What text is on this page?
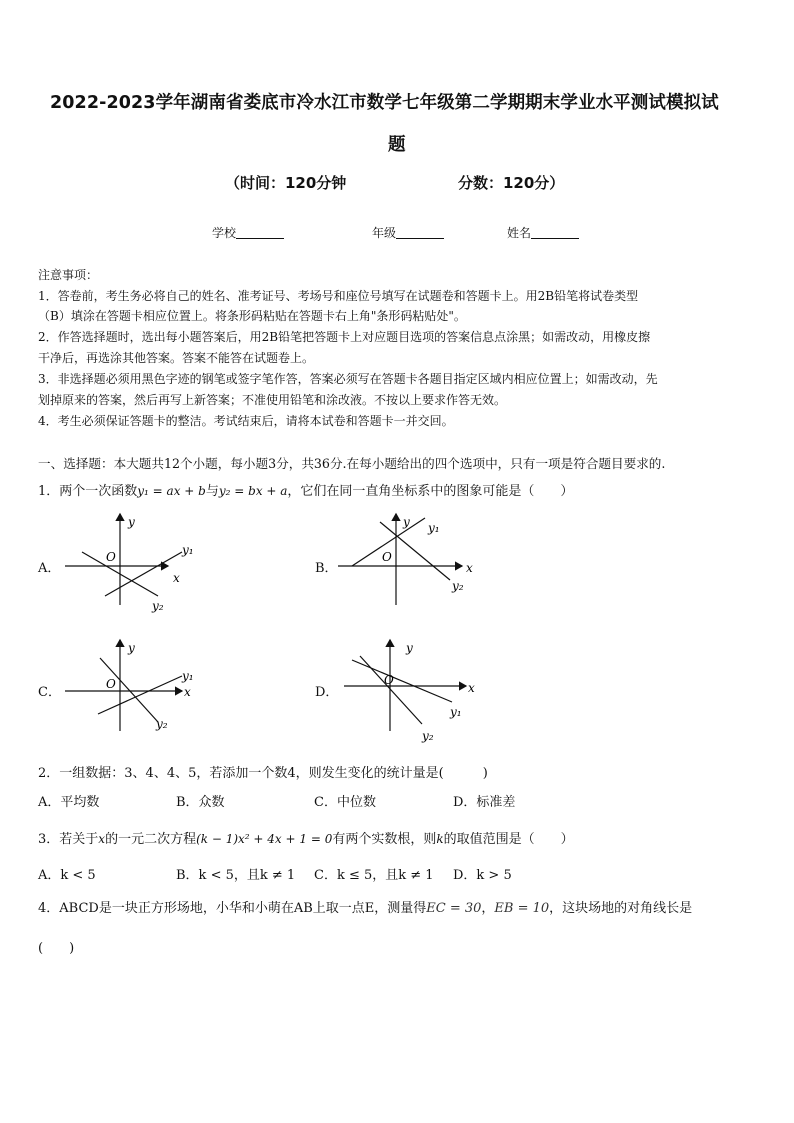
2022-2023学年湖南省娄底市冷水江市数学七年级第二学期期末学业水平测试模拟试
题
（时间：120分钟	分数：120分）
学校	年级	姓名
注意事项：
1．答卷前，考生务必将自己的姓名、准考证号、考场号和座位号填写在试题卷和答题卡上。用2B铅笔将试卷类型
（B）填涂在答题卡相应位置上。将条形码粘贴在答题卡右上角"条形码粘贴处"。
2．作答选择题时，选出每小题答案后，用2B铅笔把答题卡上对应题目选项的答案信息点涂黑；如需改动，用橡皮擦
干净后，再选涂其他答案。答案不能答在试题卷上。
3．非选择题必须用黑色字迹的钢笔或签字笔作答，答案必须写在答题卡各题目指定区域内相应位置上；如需改动，先
划掉原来的答案，然后再写上新答案；不准使用铅笔和涂改液。不按以上要求作答无效。
4．考生必须保证答题卡的整洁。考试结束后，请将本试卷和答题卡一并交回。
一、选择题：本大题共12个小题，每小题3分，共36分.在每小题给出的四个选项中，只有一项是符合题目要求的.
1．两个一次函数y₁ = ax + b与y₂ = bx + a，它们在同一直角坐标系中的图象可能是（　　）
A．	B．
C．	D．
y
x
O	y₁
y₂
y
x
O
y₁
y₂
y
x
O
y₁
y₂
y
x
O
y₁
y₂
2．一组数据：3、4、4、5，若添加一个数4，则发生变化的统计量是(　　　)
A．平均数	B．众数	C．中位数	D．标准差
3．若关于x的一元二次方程(k − 1)x² + 4x + 1 = 0有两个实数根，则k的取值范围是（　　）
A．k < 5	B．k < 5，且k ≠ 1 C．k ≤ 5，且k ≠ 1 D．k > 5
4．ABCD是一块正方形场地，小华和小萌在AB上取一点E，测量得EC = 30，EB = 10，这块场地的对角线长是
(　　)
